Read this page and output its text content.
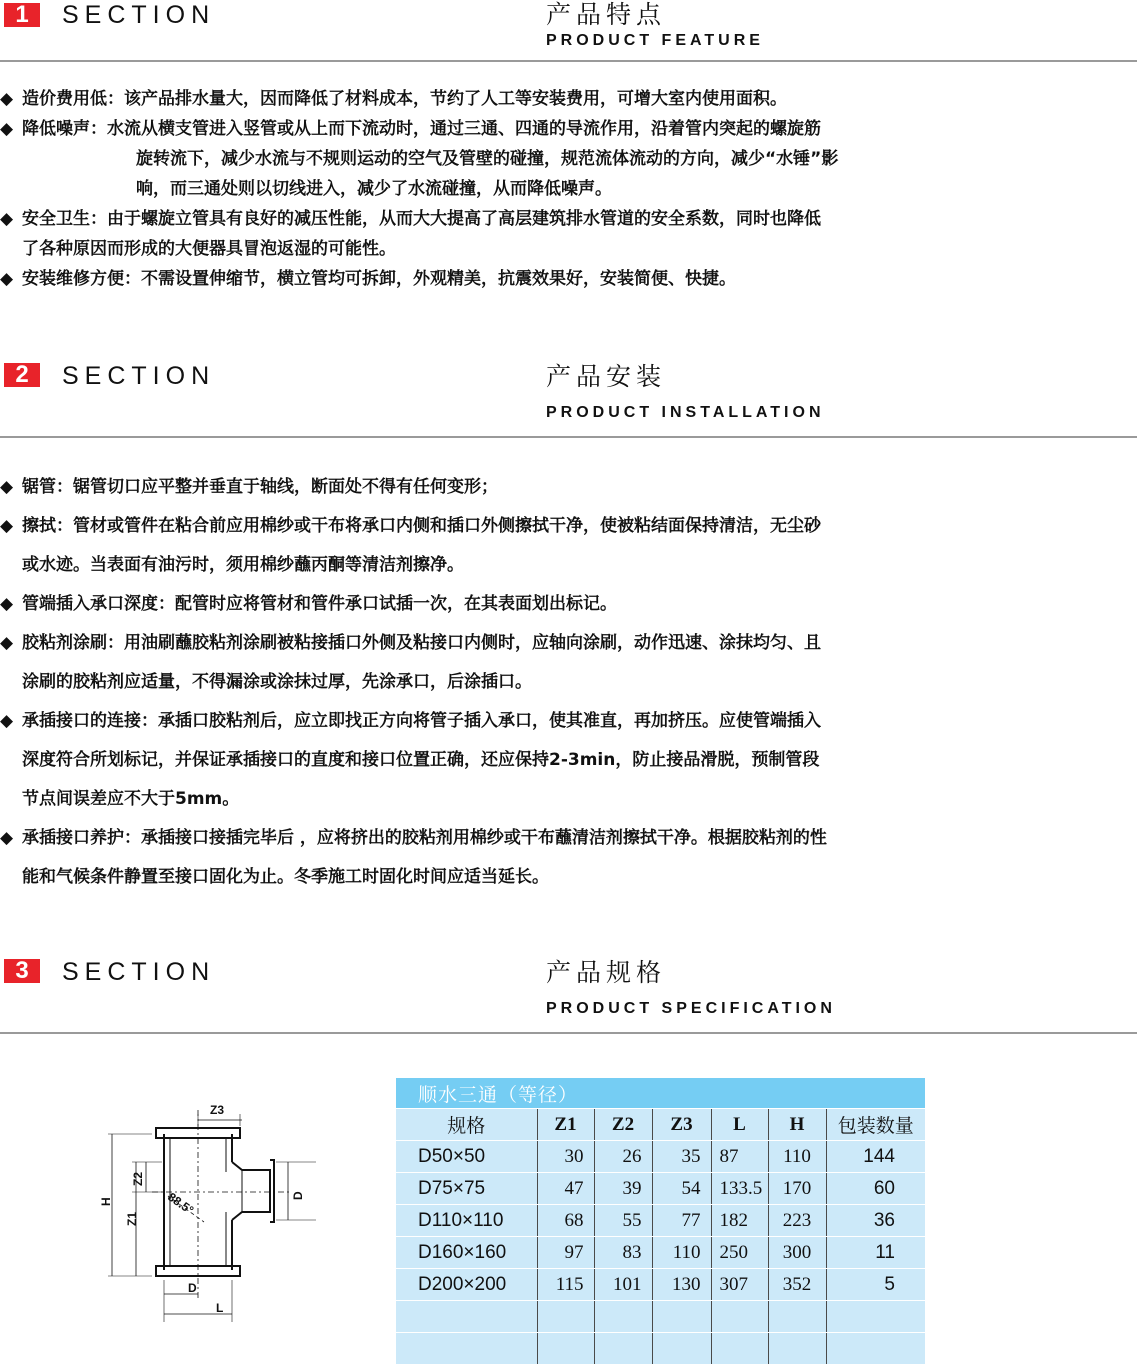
1	SECTION	产品特点
PRODUCT FEATURE
◆ 造价费用低：该产品排水量大，因而降低了材料成本，节约了人工等安装费用，可增大室内使用面积。
◆ 降低噪声：水流从横支管进入竖管或从上而下流动时，通过三通、四通的导流作用，沿着管内突起的螺旋筋
旋转流下，减少水流与不规则运动的空气及管壁的碰撞，规范流体流动的方向，减少“水锤”影
响，而三通处则以切线进入，减少了水流碰撞，从而降低噪声。
◆ 安全卫生：由于螺旋立管具有良好的减压性能，从而大大提高了高层建筑排水管道的安全系数，同时也降低
了各种原因而形成的大便器具冒泡返湿的可能性。
◆ 安装维修方便：不需设置伸缩节，横立管均可拆卸，外观精美，抗震效果好，安装简便、快捷。
2	SECTION	产品安装
PRODUCT INSTALLATION
◆ 锯管：锯管切口应平整并垂直于轴线，断面处不得有任何变形；
◆ 擦拭：管材或管件在粘合前应用棉纱或干布将承口内侧和插口外侧擦拭干净，使被粘结面保持清洁，无尘砂
或水迹。当表面有油污时，须用棉纱蘸丙酮等清洁剂擦净。
◆ 管端插入承口深度：配管时应将管材和管件承口试插一次，在其表面划出标记。
◆ 胶粘剂涂刷：用油刷蘸胶粘剂涂刷被粘接插口外侧及粘接口内侧时，应轴向涂刷，动作迅速、涂抹均匀、且
涂刷的胶粘剂应适量，不得漏涂或涂抹过厚，先涂承口，后涂插口。
◆ 承插接口的连接：承插口胶粘剂后，应立即找正方向将管子插入承口，使其准直，再加挤压。应使管端插入
深度符合所划标记，并保证承插接口的直度和接口位置正确，还应保持2-3min，防止接品滑脱，预制管段
节点间误差应不大于5mm。
◆ 承插接口养护：承插接口接插完毕后 ，应将挤出的胶粘剂用棉纱或干布蘸清洁剂擦拭干净。根据胶粘剂的性
能和气候条件静置至接口固化为止。冬季施工时固化时间应适当延长。
3	SECTION	产品规格
PRODUCT SPECIFICATION
Z3
H
Z2
Z1
88.5°	D
D
L
顺水三通（等径）						
规格	Z1	Z2	Z3	L	H	包装数量
D50×50	30	26	35	87	110	144
D75×75	47	39	54	133.5	170	60
D110×110	68	55	77	182	223	36
D160×160	97	83	110	250	300	11
D200×200	115	101	130	307	352	5
